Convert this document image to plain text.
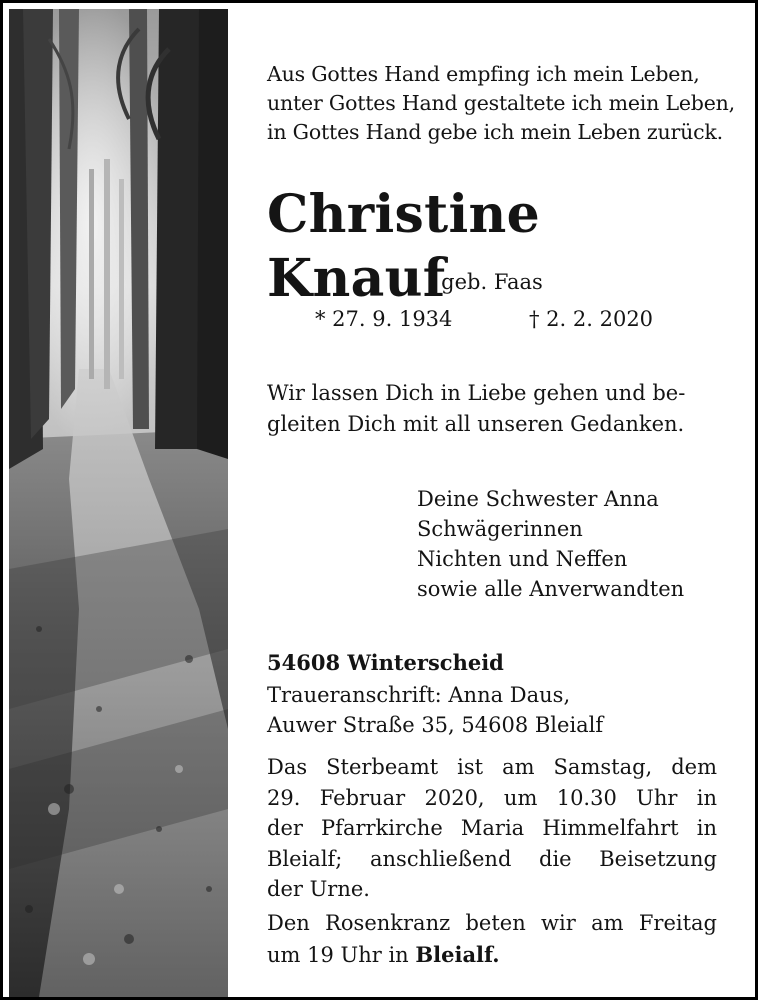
Aus Gottes Hand empfing ich mein Leben,
unter Gottes Hand gestaltete ich mein Leben,
in Gottes Hand gebe ich mein Leben zurück.
Christine Knauf
geb. Faas
* 27. 9. 1934	† 2. 2. 2020
Wir lassen Dich in Liebe gehen und be-
gleiten Dich mit all unseren Gedanken.
Deine Schwester Anna
Schwägerinnen
Nichten und Neffen
sowie alle Anverwandten
54608 Winterscheid
Traueranschrift: Anna Daus,
Auwer Straße 35, 54608 Bleialf
Das Sterbeamt ist am Samstag, dem
29. Februar 2020, um 10.30 Uhr in
der Pfarrkirche Maria Himmelfahrt in
Bleialf; anschließend die Beisetzung
der Urne.
Den Rosenkranz beten wir am Freitag
um 19 Uhr in Bleialf.
